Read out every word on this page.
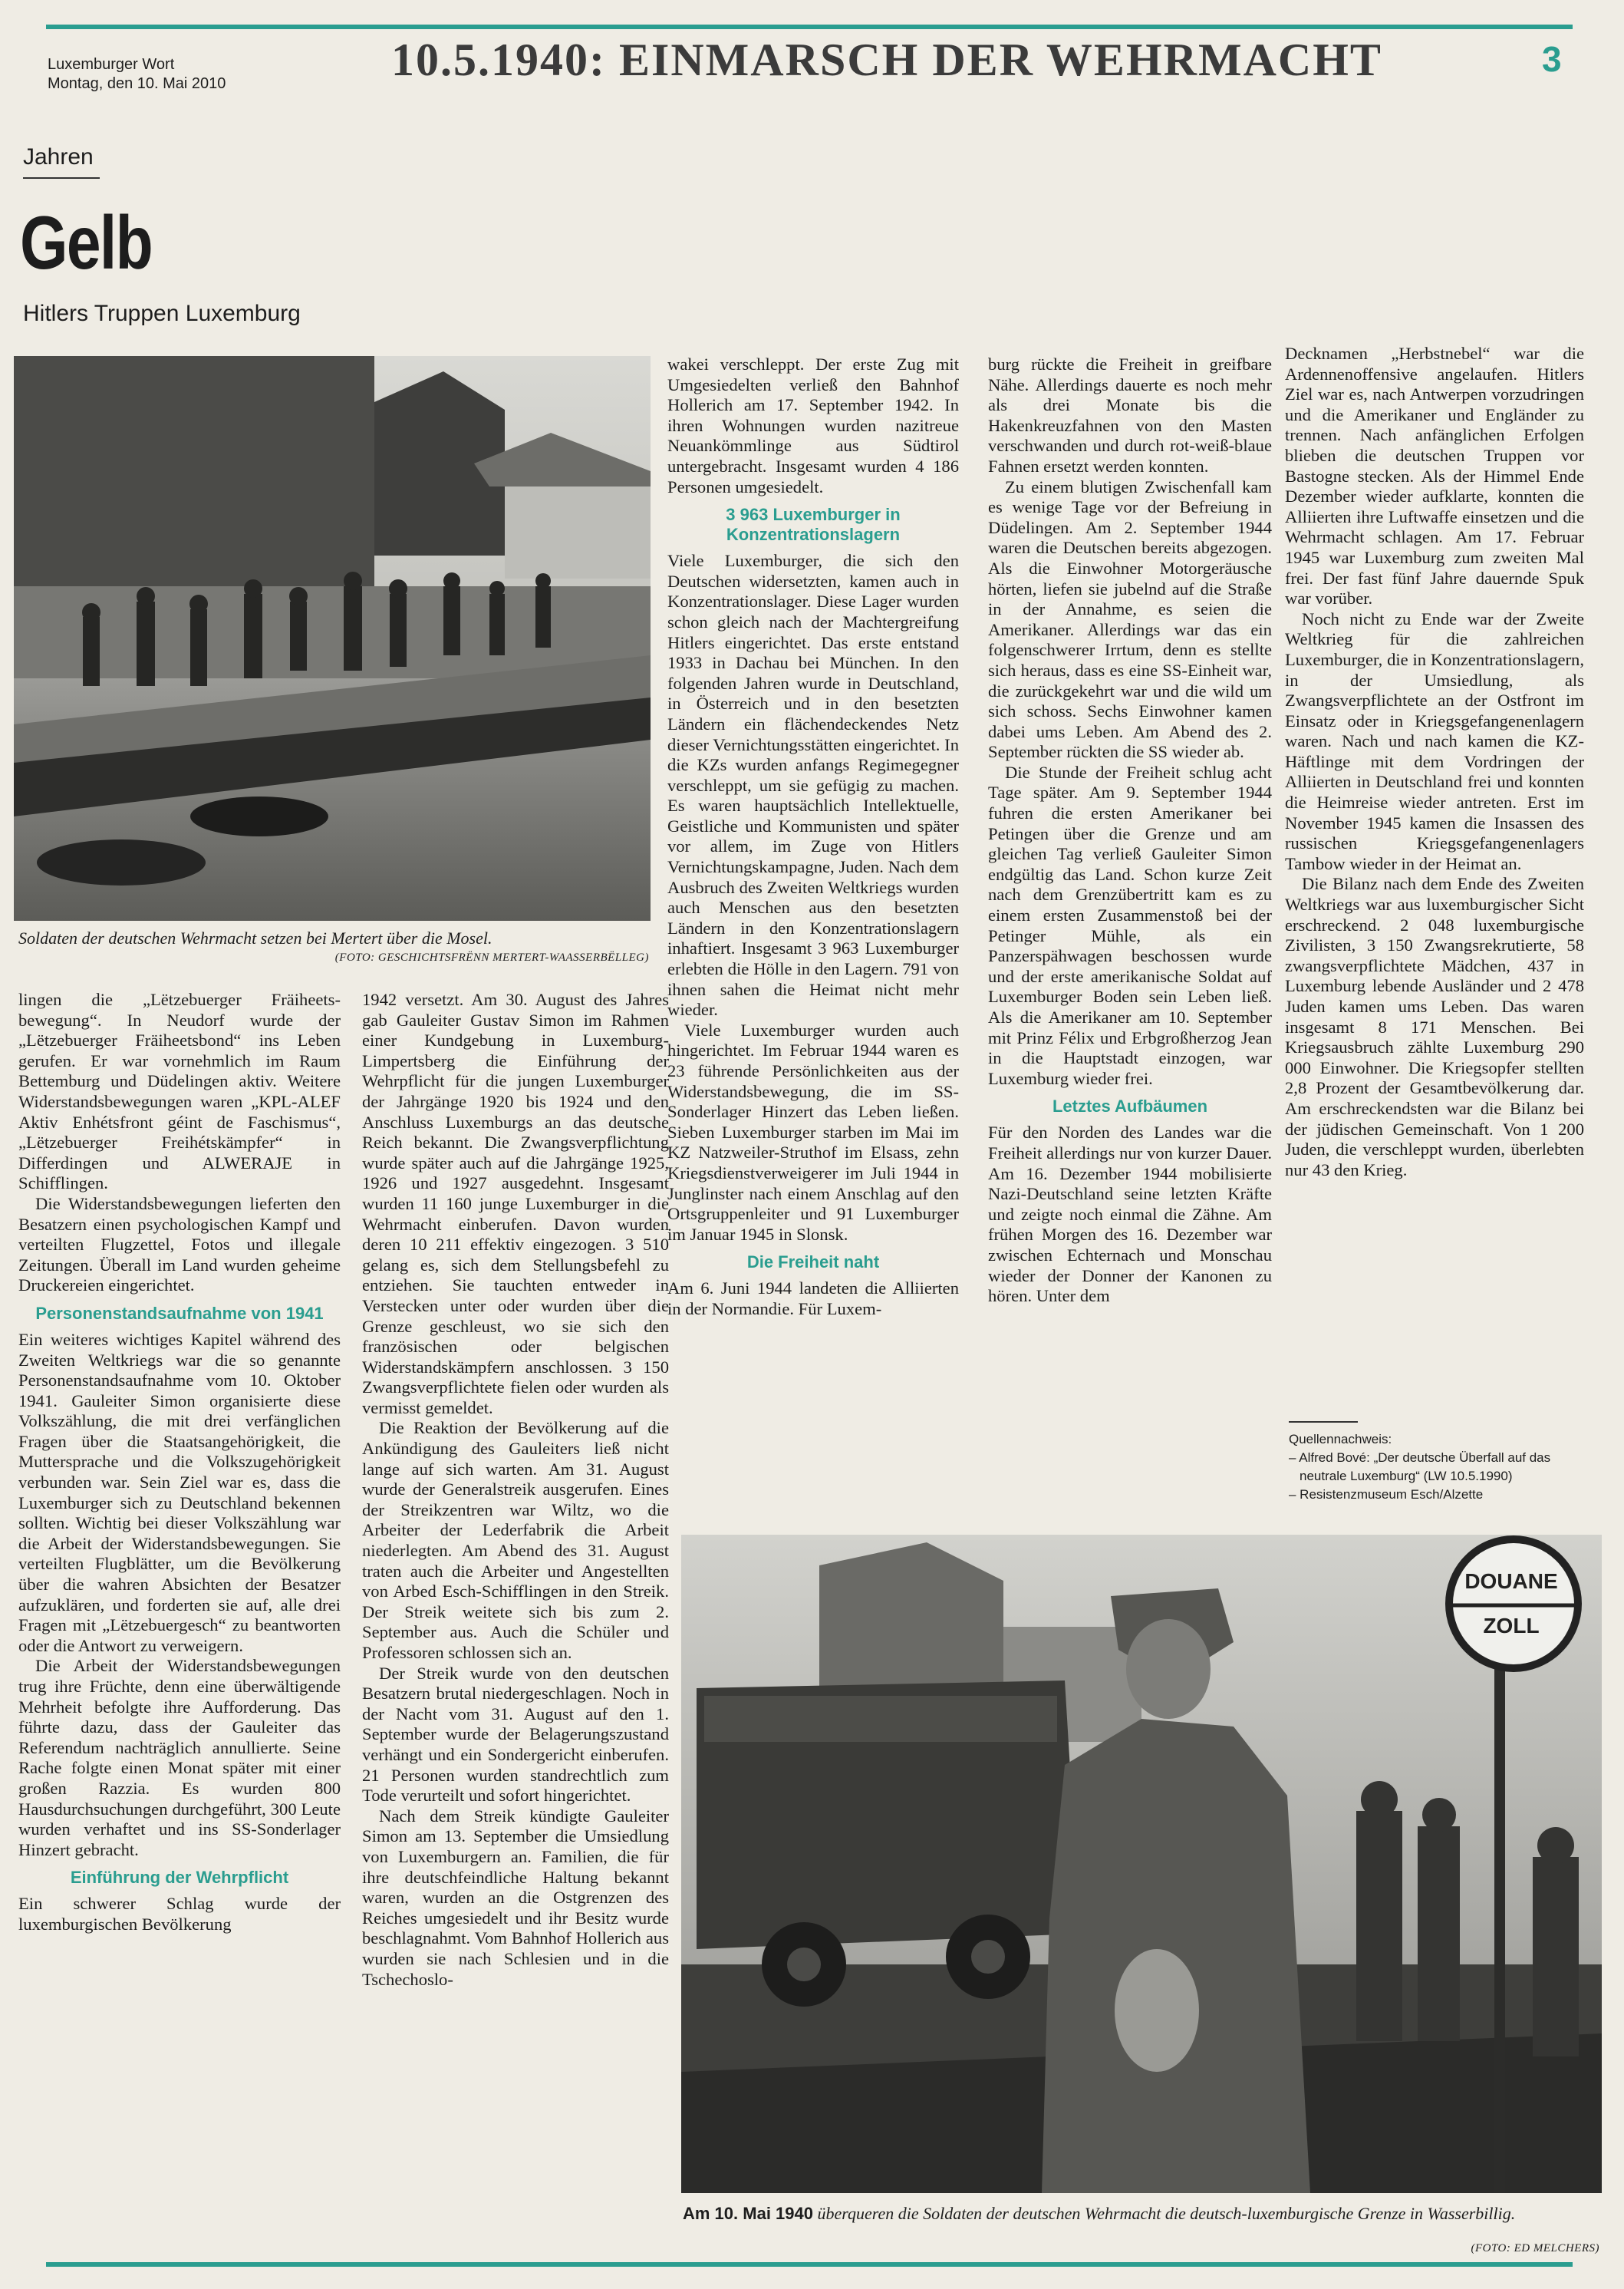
Luxemburger Wort
Montag, den 10. Mai 2010	10.5.1940: EINMARSCH DER WEHRMACHT	3
Jahren
Gelb
Hitlers Truppen Luxemburg
Soldaten der deutschen Wehrmacht setzen bei Mertert über die Mosel.
(FOTO: GESCHICHTSFRËNN MERTERT-WAASSERBËLLEG)

lingen die „Lëtzebuerger Fräiheets-bewegung“. In Neudorf wurde der „Lëtzebuerger Fräiheetsbond“ ins Leben gerufen. Er war vornehmlich im Raum Bettemburg und Düdelingen aktiv. Weitere Widerstandsbewegungen waren „KPL-ALEF Aktiv Enhétsfront géint de Faschismus“, „Lëtzebuerger Freihétskämpfer“ in Differdingen und ALWERAJE in Schifflingen.

Die Widerstandsbewegungen lieferten den Besatzern einen psychologischen Kampf und verteilten Flugzettel, Fotos und illegale Zeitungen. Überall im Land wurden geheime Druckereien eingerichtet.

Personenstandsaufnahme von 1941

Ein weiteres wichtiges Kapitel während des Zweiten Weltkriegs war die so genannte Personenstandsaufnahme vom 10. Oktober 1941. Gauleiter Simon organisierte diese Volkszählung, die mit drei verfänglichen Fragen über die Staatsangehörigkeit, die Muttersprache und die Volkszugehörigkeit verbunden war. Sein Ziel war es, dass die Luxemburger sich zu Deutschland bekennen sollten. Wichtig bei dieser Volkszählung war die Arbeit der Widerstandsbewegungen. Sie verteilten Flugblätter, um die Bevölkerung über die wahren Absichten der Besatzer aufzuklären, und forderten sie auf, alle drei Fragen mit „Lëtzebuergesch“ zu beantworten oder die Antwort zu verweigern.

Die Arbeit der Widerstandsbewegungen trug ihre Früchte, denn eine überwältigende Mehrheit befolgte ihre Aufforderung. Das führte dazu, dass der Gauleiter das Referendum nachträglich annullierte. Seine Rache folgte einen Monat später mit einer großen Razzia. Es wurden 800 Hausdurchsuchungen durchgeführt, 300 Leute wurden verhaftet und ins SS-Sonderlager Hinzert gebracht.

Einführung der Wehrpflicht

Ein schwerer Schlag wurde der luxemburgischen Bevölkerung

1942 versetzt. Am 30. August des Jahres gab Gauleiter Gustav Simon im Rahmen einer Kundgebung in Luxemburg-Limpertsberg die Einführung der Wehrpflicht für die jungen Luxemburger der Jahrgänge 1920 bis 1924 und den Anschluss Luxemburgs an das deutsche Reich bekannt. Die Zwangsverpflichtung wurde später auch auf die Jahrgänge 1925, 1926 und 1927 ausgedehnt. Insgesamt wurden 11 160 junge Luxemburger in die Wehrmacht einberufen. Davon wurden deren 10 211 effektiv eingezogen. 3 510 gelang es, sich dem Stellungsbefehl zu entziehen. Sie tauchten entweder in Verstecken unter oder wurden über die Grenze geschleust, wo sie sich den französischen oder belgischen Widerstandskämpfern anschlossen. 3 150 Zwangsverpflichtete fielen oder wurden als vermisst gemeldet.

Die Reaktion der Bevölkerung auf die Ankündigung des Gauleiters ließ nicht lange auf sich warten. Am 31. August wurde der Generalstreik ausgerufen. Eines der Streikzentren war Wiltz, wo die Arbeiter der Lederfabrik die Arbeit niederlegten. Am Abend des 31. August traten auch die Arbeiter und Angestellten von Arbed Esch-Schifflingen in den Streik. Der Streik weitete sich bis zum 2. September aus. Auch die Schüler und Professoren schlossen sich an.

Der Streik wurde von den deutschen Besatzern brutal niedergeschlagen. Noch in der Nacht vom 31. August auf den 1. September wurde der Belagerungszustand verhängt und ein Sondergericht einberufen. 21 Personen wurden standrechtlich zum Tode verurteilt und sofort hingerichtet.

Nach dem Streik kündigte Gauleiter Simon am 13. September die Umsiedlung von Luxemburgern an. Familien, die für ihre deutschfeindliche Haltung bekannt waren, wurden an die Ostgrenzen des Reiches umgesiedelt und ihr Besitz wurde beschlagnahmt. Vom Bahnhof Hollerich aus wurden sie nach Schlesien und in die Tschechoslo-

wakei verschleppt. Der erste Zug mit Umgesiedelten verließ den Bahnhof Hollerich am 17. September 1942. In ihren Wohnungen wurden nazitreue Neuankömmlinge aus Südtirol untergebracht. Insgesamt wurden 4 186 Personen umgesiedelt.

3 963 Luxemburger in Konzentrationslagern

Viele Luxemburger, die sich den Deutschen widersetzten, kamen auch in Konzentrationslager. Diese Lager wurden schon gleich nach der Machtergreifung Hitlers eingerichtet. Das erste entstand 1933 in Dachau bei München. In den folgenden Jahren wurde in Deutschland, in Österreich und in den besetzten Ländern ein flächendeckendes Netz dieser Vernichtungsstätten eingerichtet. In die KZs wurden anfangs Regimegegner verschleppt, um sie gefügig zu machen. Es waren hauptsächlich Intellektuelle, Geistliche und Kommunisten und später vor allem, im Zuge von Hitlers Vernichtungskampagne, Juden. Nach dem Ausbruch des Zweiten Weltkriegs wurden auch Menschen aus den besetzten Ländern in den Konzentrationslagern inhaftiert. Insgesamt 3 963 Luxemburger erlebten die Hölle in den Lagern. 791 von ihnen sahen die Heimat nicht mehr wieder.

Viele Luxemburger wurden auch hingerichtet. Im Februar 1944 waren es 23 führende Persönlichkeiten aus der Widerstandsbewegung, die im SS-Sonderlager Hinzert das Leben ließen. Sieben Luxemburger starben im Mai im KZ Natzweiler-Struthof im Elsass, zehn Kriegsdienstverweigerer im Juli 1944 in Junglinster nach einem Anschlag auf den Ortsgruppenleiter und 91 Luxemburger im Januar 1945 in Slonsk.

Die Freiheit naht

Am 6. Juni 1944 landeten die Alliierten in der Normandie. Für Luxem-

burg rückte die Freiheit in greifbare Nähe. Allerdings dauerte es noch mehr als drei Monate bis die Hakenkreuzfahnen von den Masten verschwanden und durch rot-weiß-blaue Fahnen ersetzt werden konnten.

Zu einem blutigen Zwischenfall kam es wenige Tage vor der Befreiung in Düdelingen. Am 2. September 1944 waren die Deutschen bereits abgezogen. Als die Einwohner Motorgeräusche hörten, liefen sie jubelnd auf die Straße in der Annahme, es seien die Amerikaner. Allerdings war das ein folgenschwerer Irrtum, denn es stellte sich heraus, dass es eine SS-Einheit war, die zurückgekehrt war und die wild um sich schoss. Sechs Einwohner kamen dabei ums Leben. Am Abend des 2. September rückten die SS wieder ab.

Die Stunde der Freiheit schlug acht Tage später. Am 9. September 1944 fuhren die ersten Amerikaner bei Petingen über die Grenze und am gleichen Tag verließ Gauleiter Simon endgültig das Land. Schon kurze Zeit nach dem Grenzübertritt kam es zu einem ersten Zusammenstoß bei der Petinger Mühle, als ein Panzerspähwagen beschossen wurde und der erste amerikanische Soldat auf Luxemburger Boden sein Leben ließ. Als die Amerikaner am 10. September mit Prinz Félix und Erbgroßherzog Jean in die Hauptstadt einzogen, war Luxemburg wieder frei.

Letztes Aufbäumen

Für den Norden des Landes war die Freiheit allerdings nur von kurzer Dauer. Am 16. Dezember 1944 mobilisierte Nazi-Deutschland seine letzten Kräfte und zeigte noch einmal die Zähne. Am frühen Morgen des 16. Dezember war zwischen Echternach und Monschau wieder der Donner der Kanonen zu hören. Unter dem

Decknamen „Herbstnebel“ war die Ardennenoffensive angelaufen. Hitlers Ziel war es, nach Antwerpen vorzudringen und die Amerikaner und Engländer zu trennen. Nach anfänglichen Erfolgen blieben die deutschen Truppen vor Bastogne stecken. Als der Himmel Ende Dezember wieder aufklarte, konnten die Alliierten ihre Luftwaffe einsetzen und die Wehrmacht schlagen. Am 17. Februar 1945 war Luxemburg zum zweiten Mal frei. Der fast fünf Jahre dauernde Spuk war vorüber.

Noch nicht zu Ende war der Zweite Weltkrieg für die zahlreichen Luxemburger, die in Konzentrationslagern, in der Umsiedlung, als Zwangsverpflichtete an der Ostfront im Einsatz oder in Kriegsgefangenenlagern waren. Nach und nach kamen die KZ-Häftlinge mit dem Vordringen der Alliierten in Deutschland frei und konnten die Heimreise wieder antreten. Erst im November 1945 kamen die Insassen des russischen Kriegsgefangenenlagers Tambow wieder in der Heimat an.

Die Bilanz nach dem Ende des Zweiten Weltkriegs war aus luxemburgischer Sicht erschreckend. 2 048 luxemburgische Zivilisten, 3 150 Zwangsrekrutierte, 58 zwangsverpflichtete Mädchen, 437 in Luxemburg lebende Ausländer und 2 478 Juden kamen ums Leben. Das waren insgesamt 8 171 Menschen. Bei Kriegsausbruch zählte Luxemburg 290 000 Einwohner. Die Kriegsopfer stellten 2,8 Prozent der Gesamtbevölkerung dar. Am erschreckendsten war die Bilanz bei der jüdischen Gemeinschaft. Von 1 200 Juden, die verschleppt wurden, überlebten nur 43 den Krieg.

Quellennachweis:
– Alfred Bové: „Der deutsche Überfall auf das
neutrale Luxemburg“ (LW 10.5.1990)
– Resistenzmuseum Esch/Alzette
DOUANE
ZOLL
Am 10. Mai 1940 überqueren die Soldaten der deutschen Wehrmacht die deutsch-luxemburgische Grenze in Wasserbillig.
(FOTO: ED MELCHERS)
